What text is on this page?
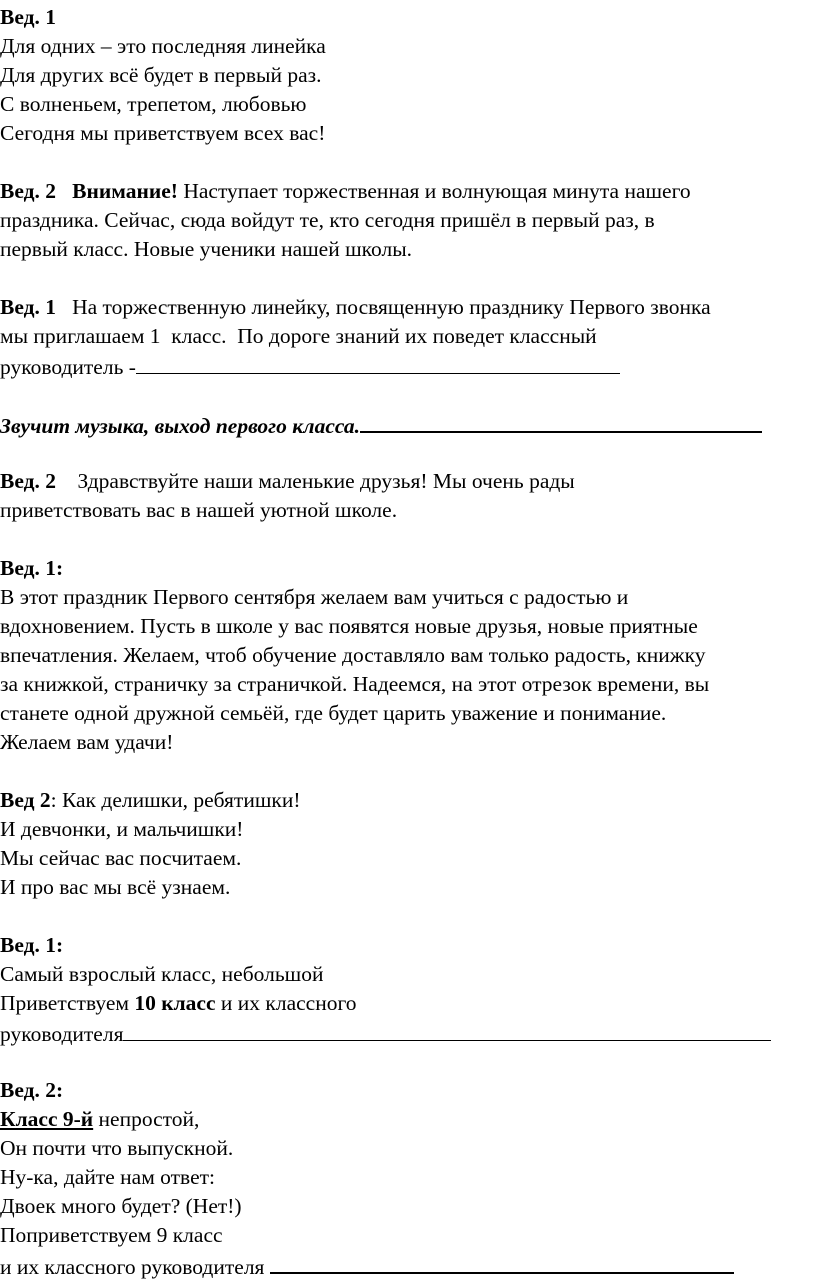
Вед. 1
Для одних – это последняя линейка
Для других всё будет в первый раз.
С волненьем, трепетом, любовью
Сегодня мы приветствуем всех вас!
Вед. 2 Внимание! Наступает торжественная и волнующая минута нашего
праздника. Сейчас, сюда войдут те, кто сегодня пришёл в первый раз, в
первый класс. Новые ученики нашей школы.
Вед. 1   На торжественную линейку, посвященную празднику Первого звонка
мы приглашаем 1  класс.  По дороге знаний их поведет классный
руководитель -
Звучит музыка, выход первого класса.
Вед. 2    Здравствуйте наши маленькие друзья! Мы очень рады
приветствовать вас в нашей уютной школе.
Вед. 1:
В этот праздник Первого сентября желаем вам учиться с радостью и
вдохновением. Пусть в школе у вас появятся новые друзья, новые приятные
впечатления. Желаем, чтоб обучение доставляло вам только радость, книжку
за книжкой, страничку за страничкой. Надеемся, на этот отрезок времени, вы
станете одной дружной семьёй, где будет царить уважение и понимание.
Желаем вам удачи!
Вед 2: Как делишки, ребятишки!
И девчонки, и мальчишки!
Мы сейчас вас посчитаем.
И про вас мы всё узнаем.
Вед. 1:
Самый взрослый класс, небольшой
Приветствуем 10 класс и их классного
руководителя
Вед. 2:
Класс 9-й непростой,
Он почти что выпускной.
Ну-ка, дайте нам ответ:
Двоек много будет? (Нет!)
Поприветствуем 9 класс
и их классного руководителя
